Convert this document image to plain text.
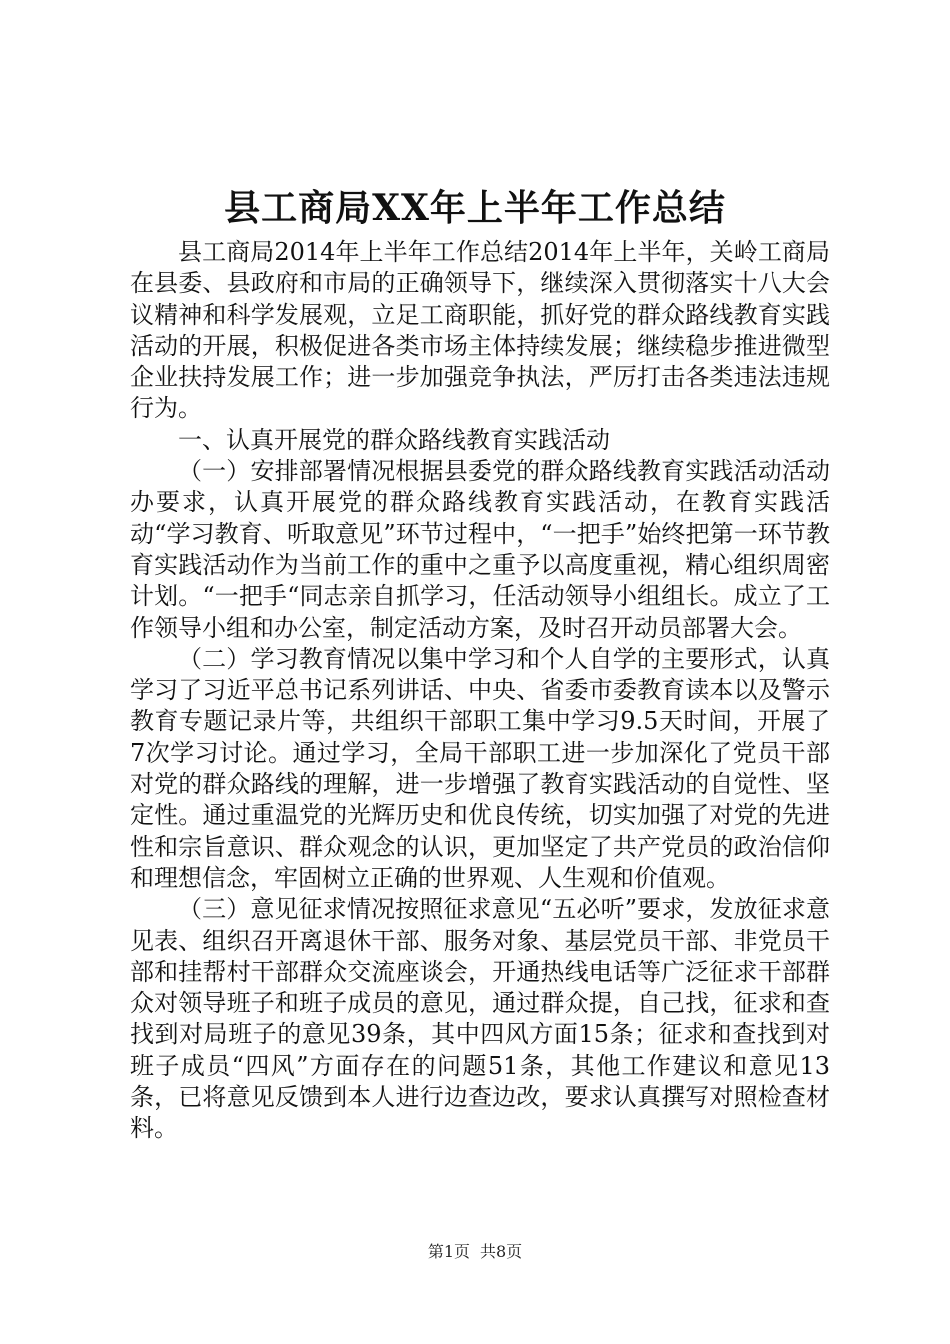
县工商局XX年上半年工作总结

县工商局2014年上半年工作总结2014年上半年，关岭工商局在县委、县政府和市局的正确领导下，继续深入贯彻落实十八大会议精神和科学发展观，立足工商职能，抓好党的群众路线教育实践活动的开展，积极促进各类市场主体持续发展；继续稳步推进微型企业扶持发展工作；进一步加强竞争执法，严厉打击各类违法违规行为。

一、认真开展党的群众路线教育实践活动

（一）安排部署情况根据县委党的群众路线教育实践活动活动办要求，认真开展党的群众路线教育实践活动，在教育实践活动“学习教育、听取意见”环节过程中，“一把手”始终把第一环节教育实践活动作为当前工作的重中之重予以高度重视，精心组织周密计划。“一把手“同志亲自抓学习，任活动领导小组组长。成立了工作领导小组和办公室，制定活动方案，及时召开动员部署大会。

（二）学习教育情况以集中学习和个人自学的主要形式，认真学习了习近平总书记系列讲话、中央、省委市委教育读本以及警示教育专题记录片等，共组织干部职工集中学习9.5天时间，开展了7次学习讨论。通过学习，全局干部职工进一步加深化了党员干部对党的群众路线的理解，进一步增强了教育实践活动的自觉性、坚定性。通过重温党的光辉历史和优良传统，切实加强了对党的先进性和宗旨意识、群众观念的认识，更加坚定了共产党员的政治信仰和理想信念，牢固树立正确的世界观、人生观和价值观。

（三）意见征求情况按照征求意见“五必听”要求，发放征求意见表、组织召开离退休干部、服务对象、基层党员干部、非党员干部和挂帮村干部群众交流座谈会，开通热线电话等广泛征求干部群众对领导班子和班子成员的意见，通过群众提，自己找，征求和查找到对局班子的意见39条，其中四风方面15条；征求和查找到对班子成员“四风”方面存在的问题51条，其他工作建议和意见13条，已将意见反馈到本人进行边查边改，要求认真撰写对照检查材料。

第1页 共8页
